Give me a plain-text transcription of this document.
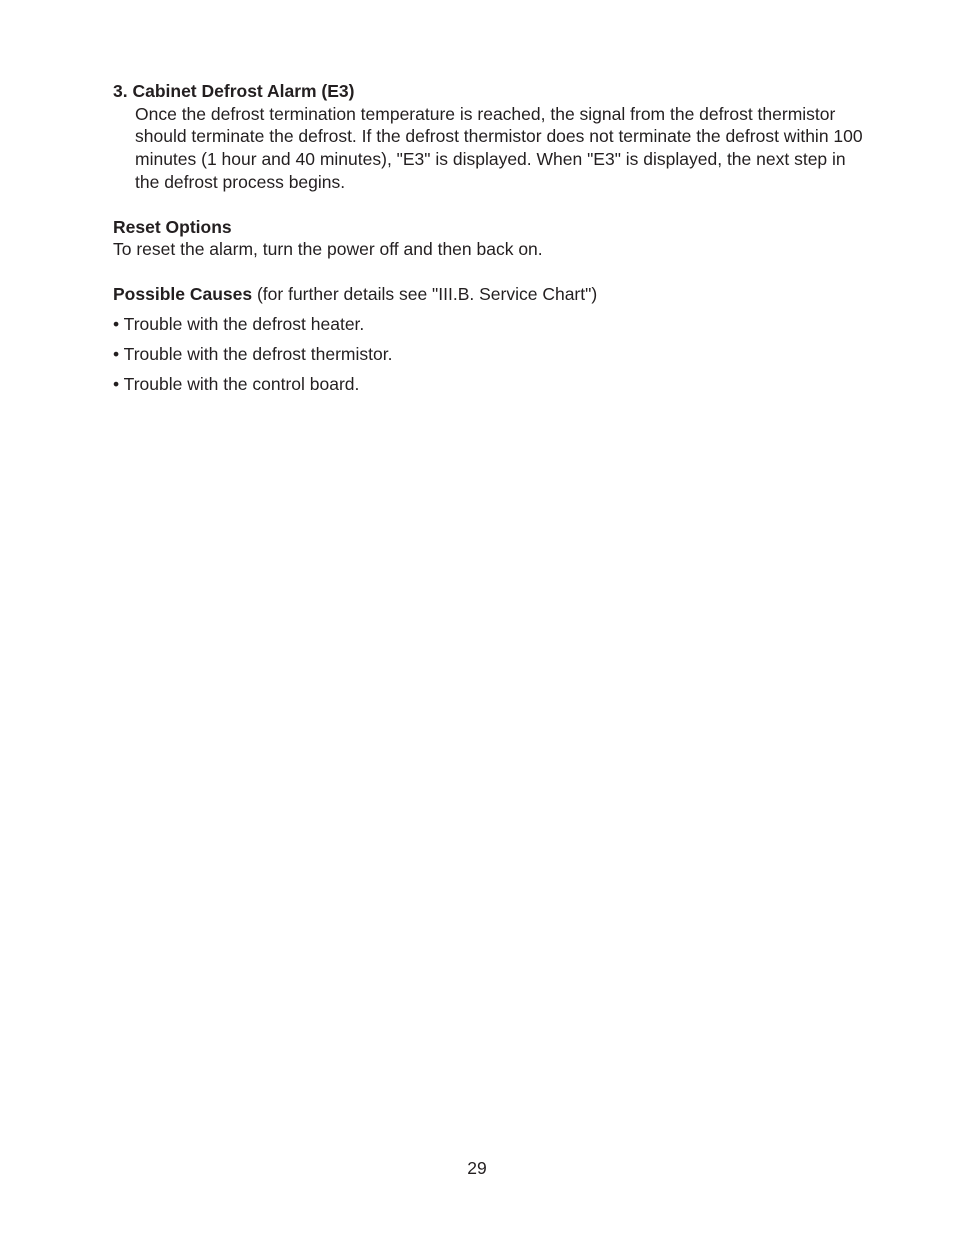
3. Cabinet Defrost Alarm (E3)

Once the defrost termination temperature is reached, the signal from the defrost thermistor should terminate the defrost. If the defrost thermistor does not terminate the defrost within 100 minutes (1 hour and 40 minutes), "E3" is displayed. When "E3" is displayed, the next step in the defrost process begins.

Reset Options

To reset the alarm, turn the power off and then back on.

Possible Causes (for further details see "III.B. Service Chart")

• Trouble with the defrost heater.
• Trouble with the defrost thermistor.
• Trouble with the control board.
29
